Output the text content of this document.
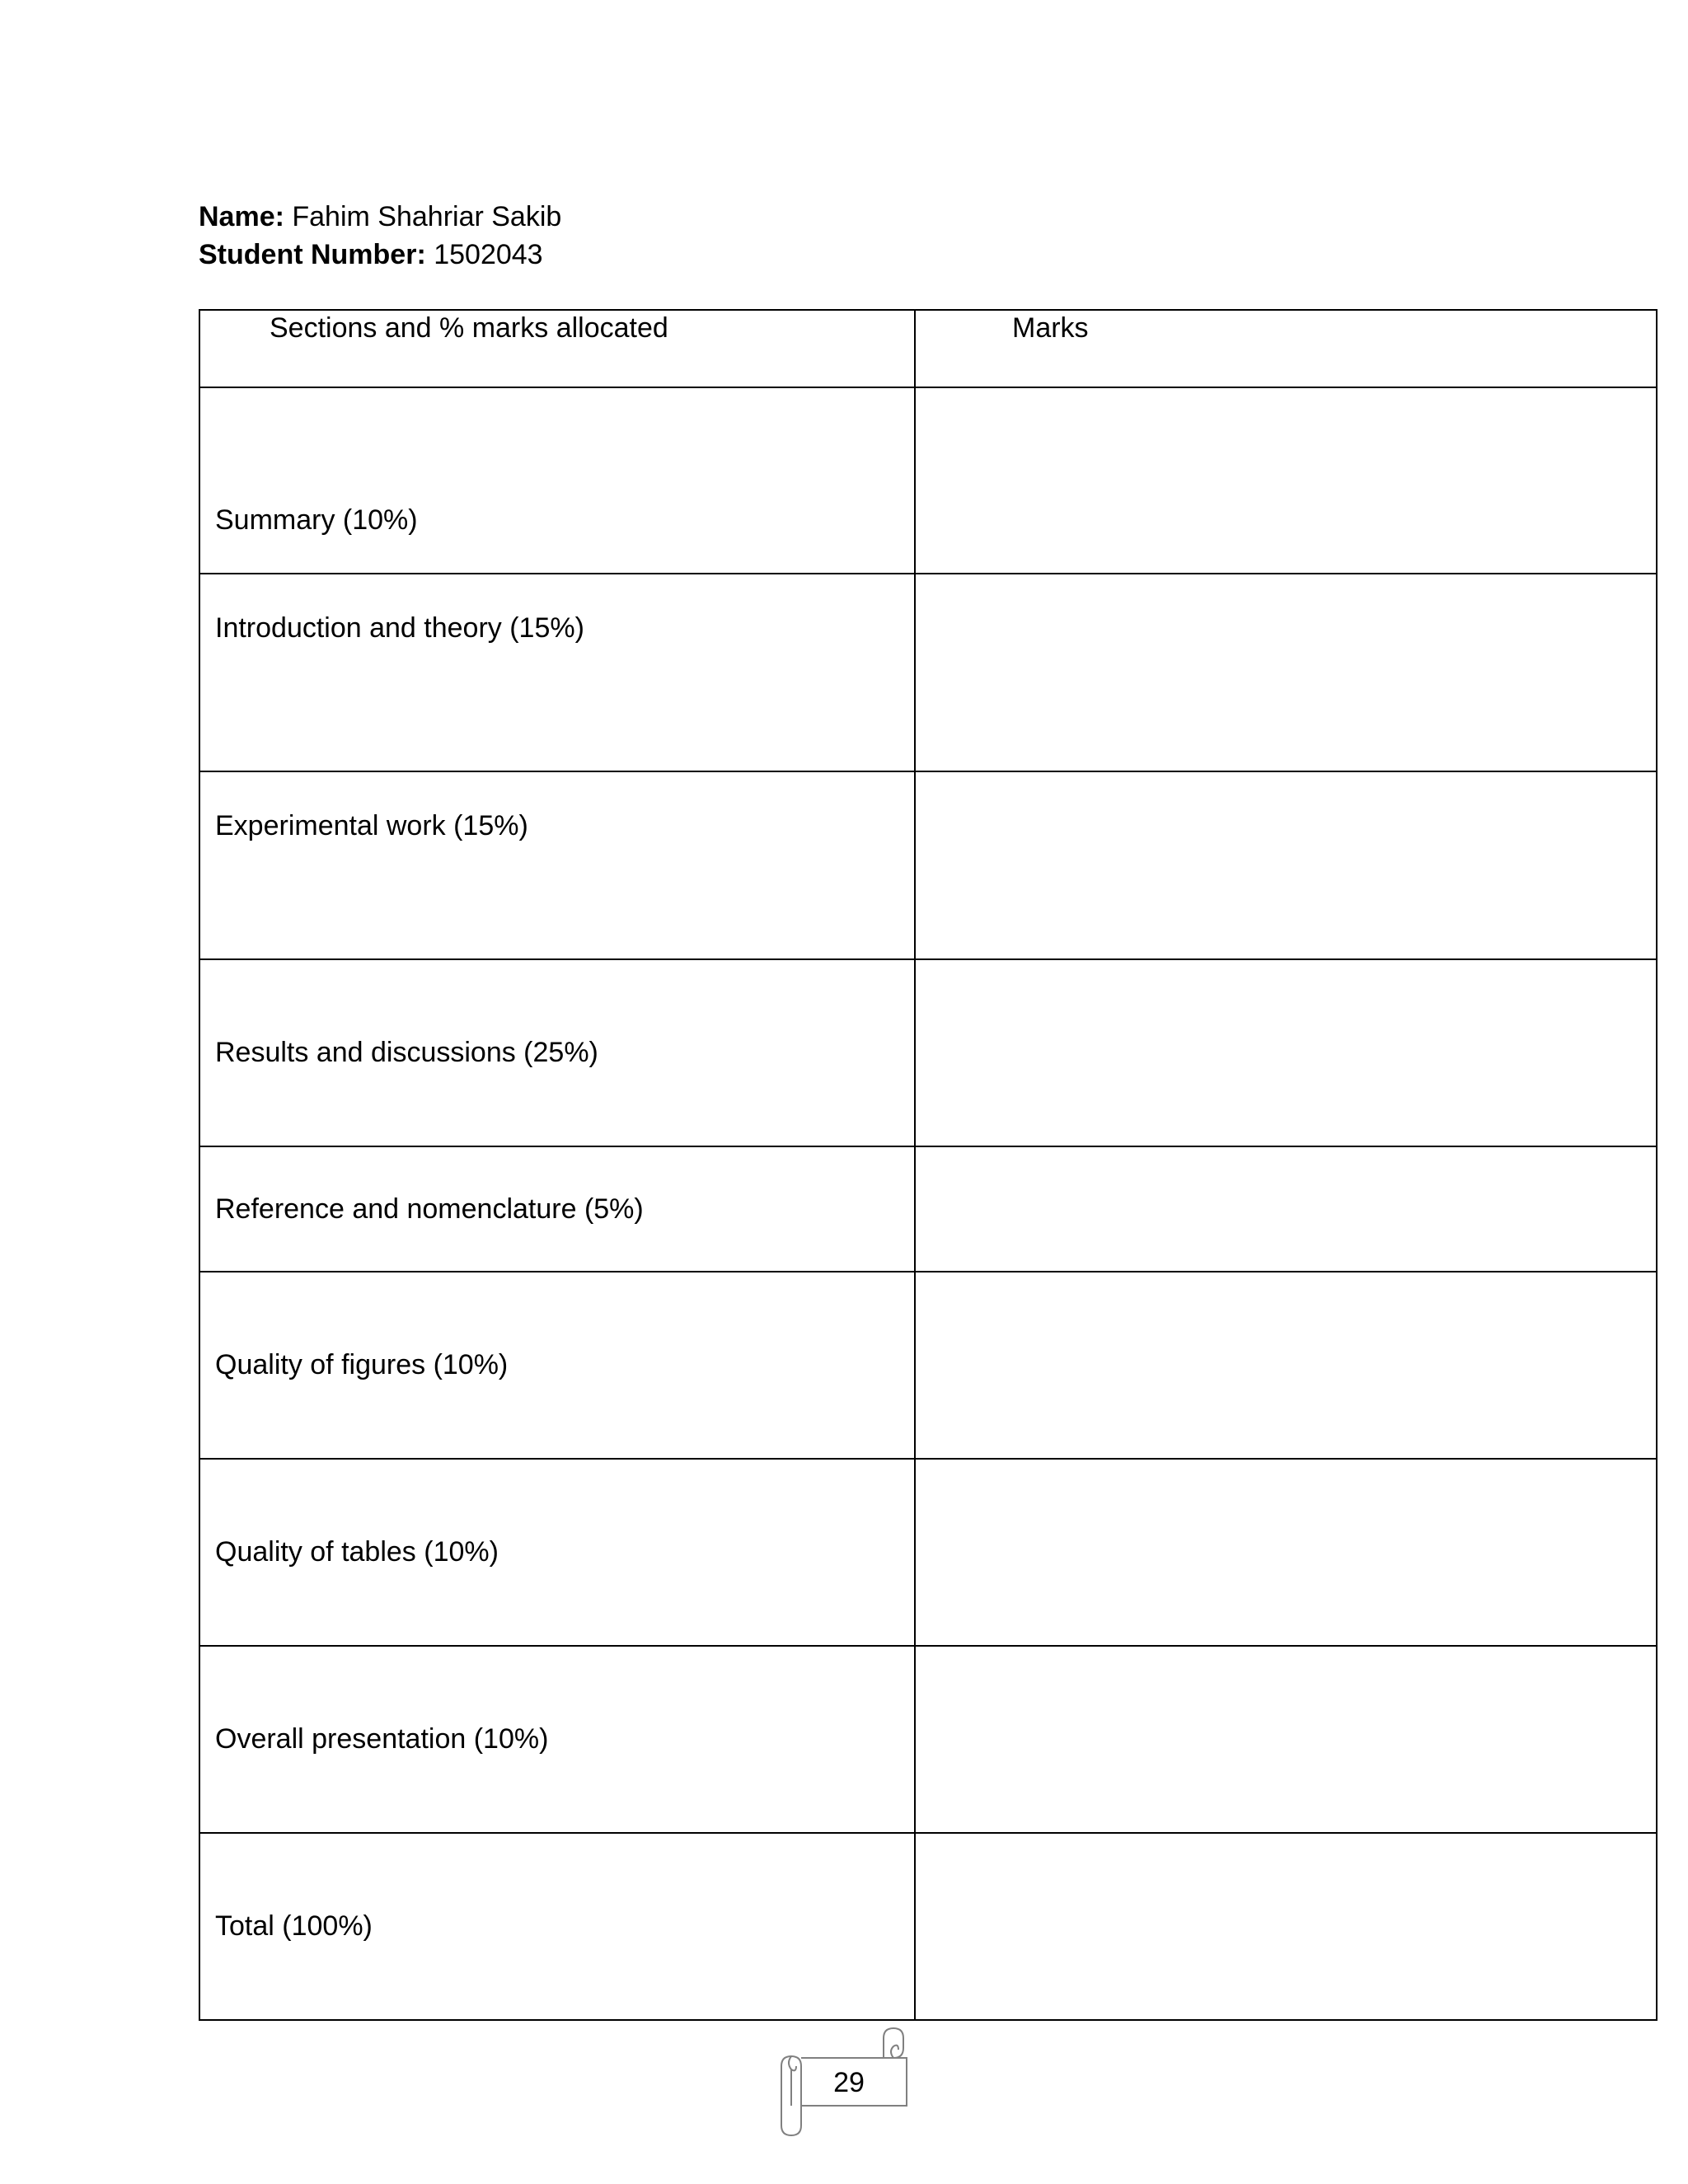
Name: Fahim Shahriar Sakib
Student Number: 1502043
Sections and % marks allocated	Marks
Summary (10%)	
Introduction and theory (15%)	
Experimental work (15%)	
Results and discussions (25%)	
Reference and nomenclature (5%)	
Quality of figures (10%)	
Quality of tables (10%)	
Overall presentation (10%)	
Total (100%)	
29
